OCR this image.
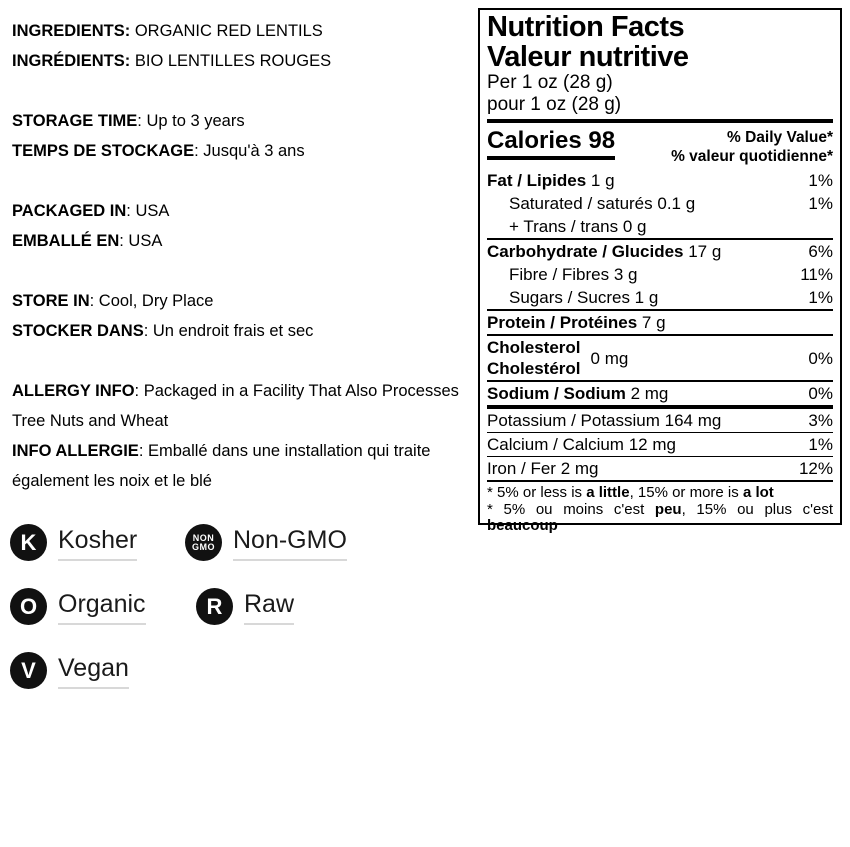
INGREDIENTS: ORGANIC RED LENTILS

INGRÉDIENTS: BIO LENTILLES ROUGES

STORAGE TIME: Up to 3 years

TEMPS DE STOCKAGE: Jusqu'à 3 ans

PACKAGED IN: USA

EMBALLÉ EN: USA

STORE IN: Cool, Dry Place

STOCKER DANS: Un endroit frais et sec

ALLERGY INFO: Packaged in a Facility That Also Processes Tree Nuts and Wheat

INFO ALLERGIE: Emballé dans une installation qui traite également les noix et le blé

K Kosher	NON
GMO Non-GMO
O Organic	R Raw
V Vegan
Nutrition Facts
Valeur nutritive
Per 1 oz (28 g)
pour 1 oz (28 g)
Calories 98	% Daily Value*
% valeur quotidienne*
Fat / Lipides 1 g	1%
Saturated / saturés 0.1 g	1%
+ Trans / trans 0 g
Carbohydrate / Glucides 17 g	6%
Fibre / Fibres 3 g	11%
Sugars / Sucres 1 g	1%
Protein / Protéines 7 g
Cholesterol
Cholestérol
0 mg	0%
Sodium / Sodium 2 mg	0%
Potassium / Potassium 164 mg	3%
Calcium / Calcium 12 mg	1%
Iron / Fer 2 mg	12%
* 5% or less is a little, 15% or more is a lot
* 5% ou moins c'est peu, 15% ou plus c'est beaucoup
